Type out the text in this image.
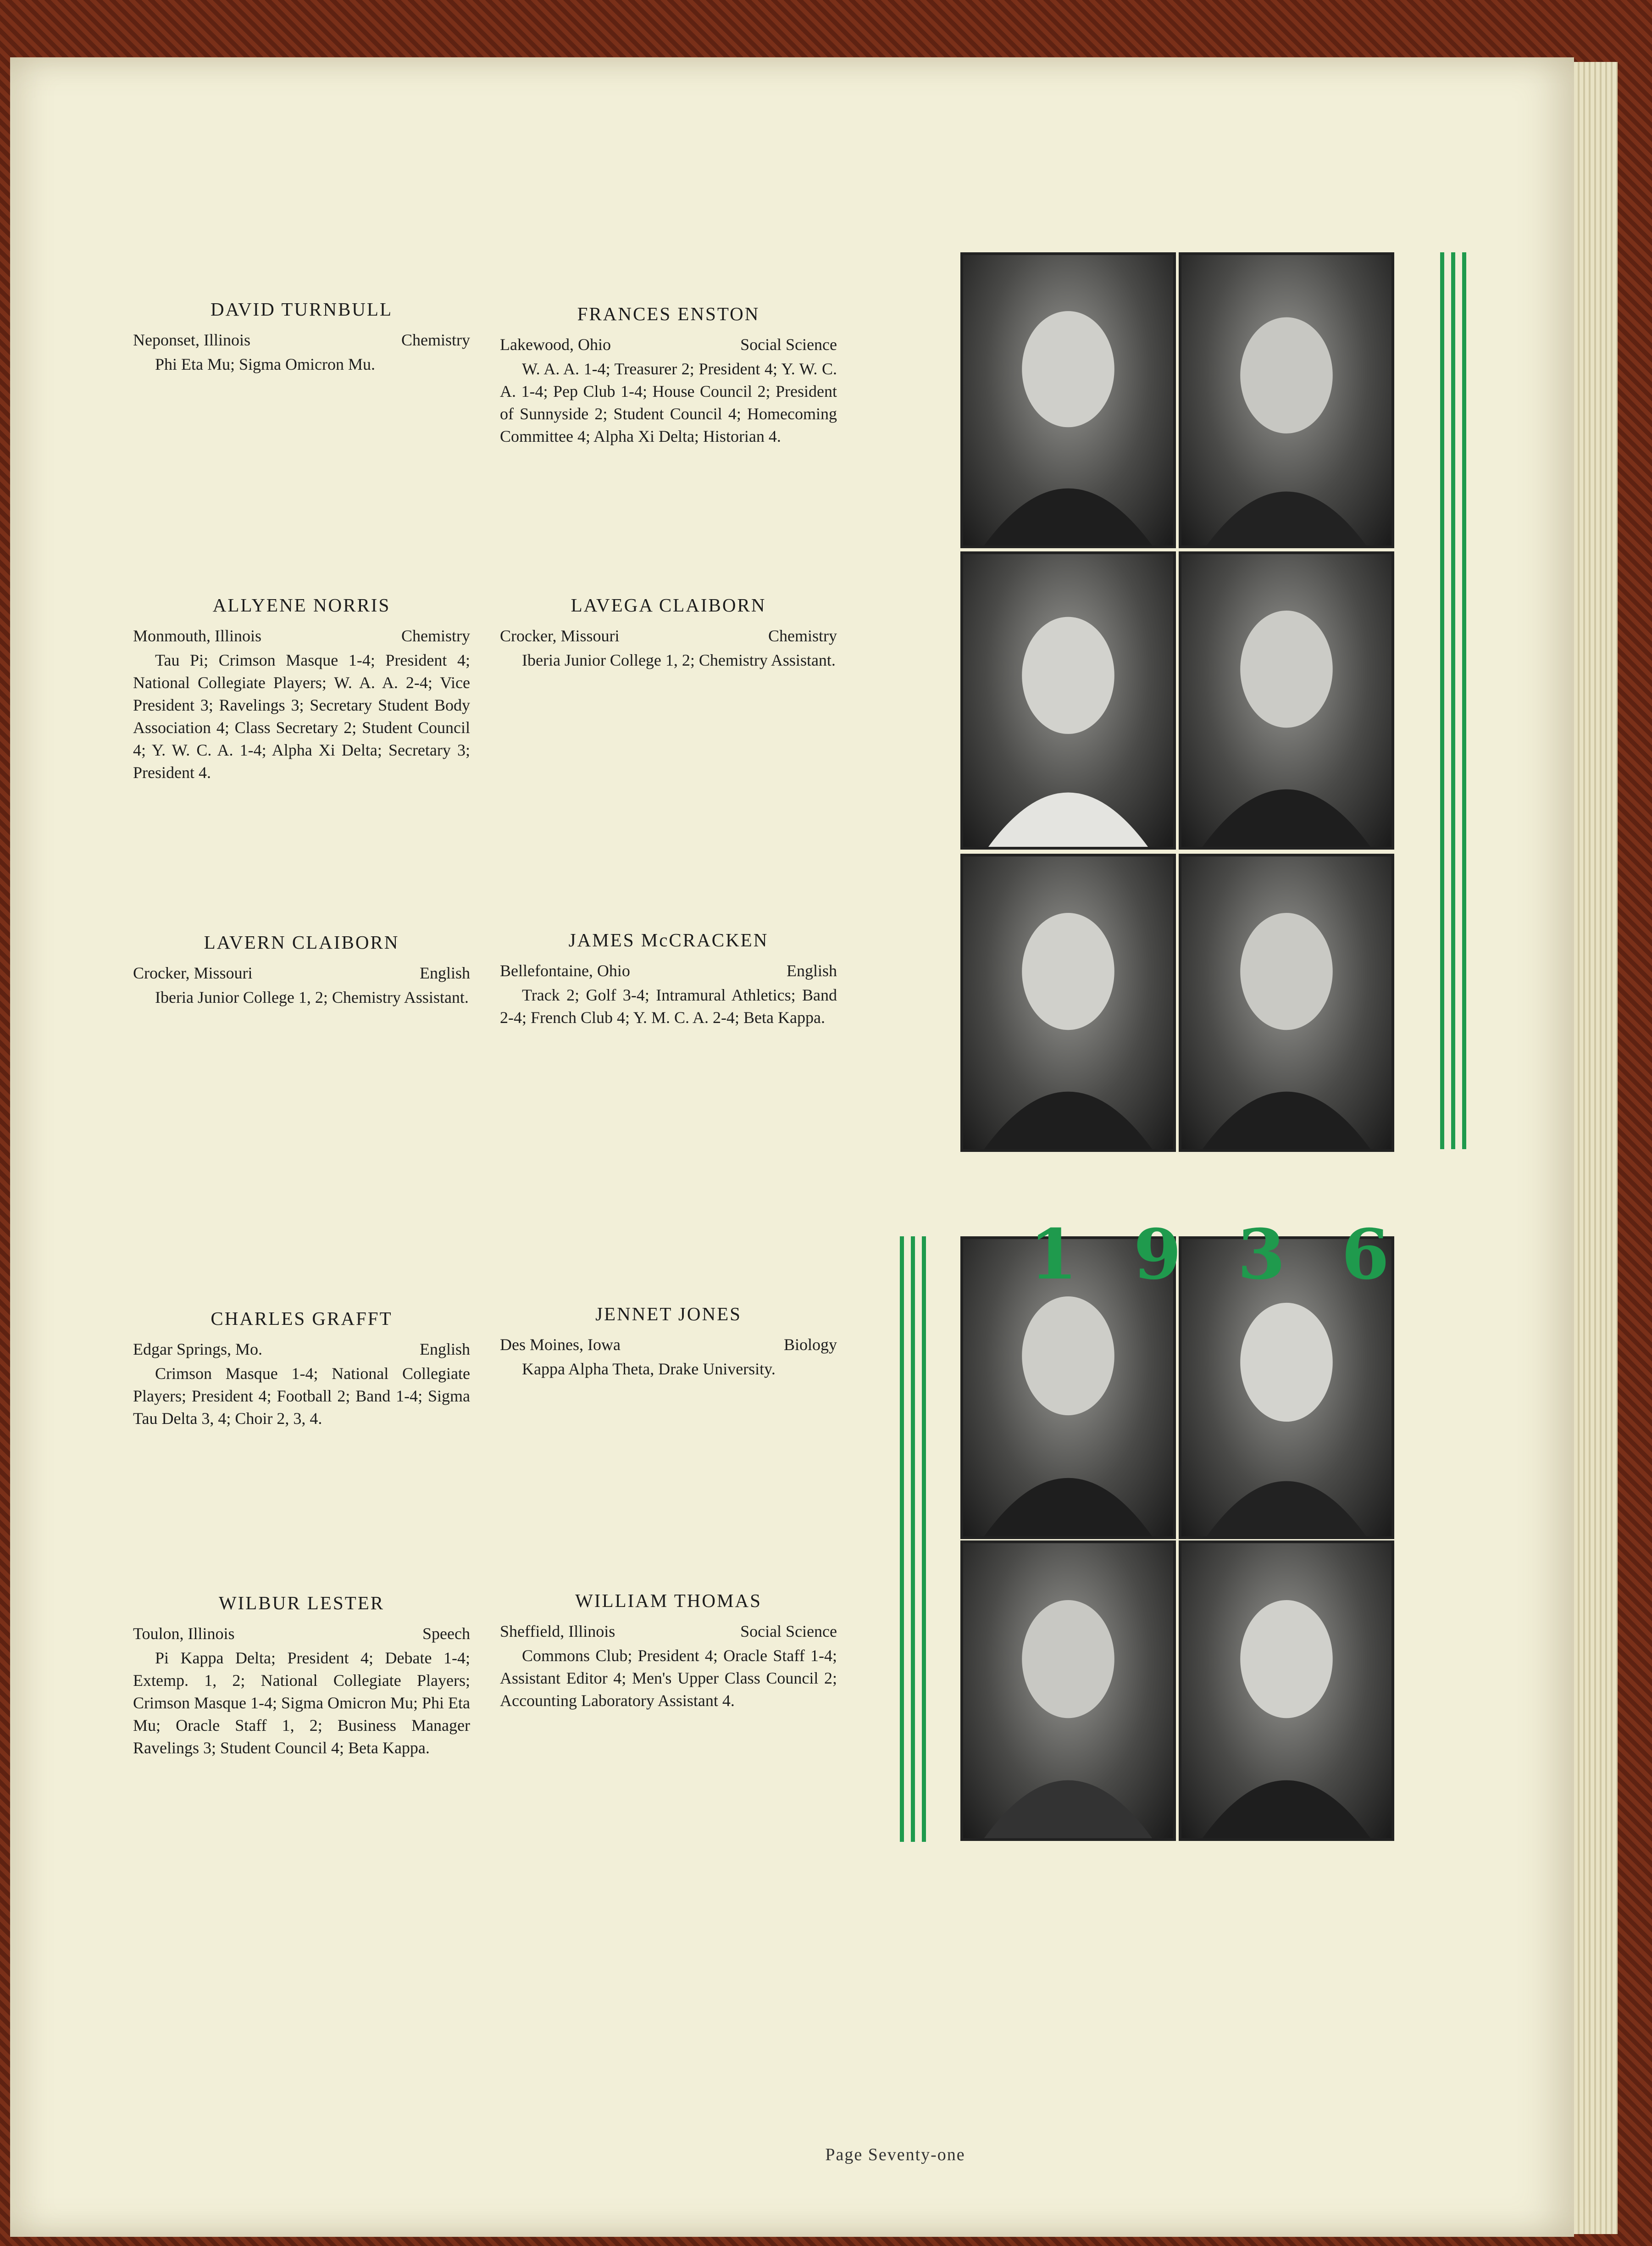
DAVID TURNBULL
Neponset, Illinois	Chemistry
Phi Eta Mu; Sigma Omicron Mu.
FRANCES ENSTON
Lakewood, Ohio	Social Science
W. A. A. 1-4; Treasurer 2; President 4; Y. W. C. A. 1-4; Pep Club 1-4; House Council 2; President of Sunnyside 2; Student Council 4; Homecoming Committee 4; Alpha Xi Delta; Historian 4.
ALLYENE NORRIS
Monmouth, Illinois	Chemistry
Tau Pi; Crimson Masque 1-4; President 4; National Collegiate Players; W. A. A. 2-4; Vice President 3; Ravelings 3; Secretary Student Body Association 4; Class Secretary 2; Student Council 4; Y. W. C. A. 1-4; Alpha Xi Delta; Secretary 3; President 4.
LAVEGA CLAIBORN
Crocker, Missouri	Chemistry
Iberia Junior College 1, 2; Chemistry Assistant.
LAVERN CLAIBORN
Crocker, Missouri	English
Iberia Junior College 1, 2; Chemistry Assistant.
JAMES McCRACKEN
Bellefontaine, Ohio	English
Track 2; Golf 3-4; Intramural Athletics; Band 2-4; French Club 4; Y. M. C. A. 2-4; Beta Kappa.
CHARLES GRAFFT
Edgar Springs, Mo.	English
Crimson Masque 1-4; National Collegiate Players; President 4; Football 2; Band 1-4; Sigma Tau Delta 3, 4; Choir 2, 3, 4.
JENNET JONES
Des Moines, Iowa	Biology
Kappa Alpha Theta, Drake University.
WILBUR LESTER
Toulon, Illinois	Speech
Pi Kappa Delta; President 4; Debate 1-4; Extemp. 1, 2; National Collegiate Players; Crimson Masque 1-4; Sigma Omicron Mu; Phi Eta Mu; Oracle Staff 1, 2; Business Manager Ravelings 3; Student Council 4; Beta Kappa.
WILLIAM THOMAS
Sheffield, Illinois	Social Science
Commons Club; President 4; Oracle Staff 1-4; Assistant Editor 4; Men's Upper Class Council 2; Accounting Laboratory Assistant 4.
1 9 3 6
Page Seventy-one
